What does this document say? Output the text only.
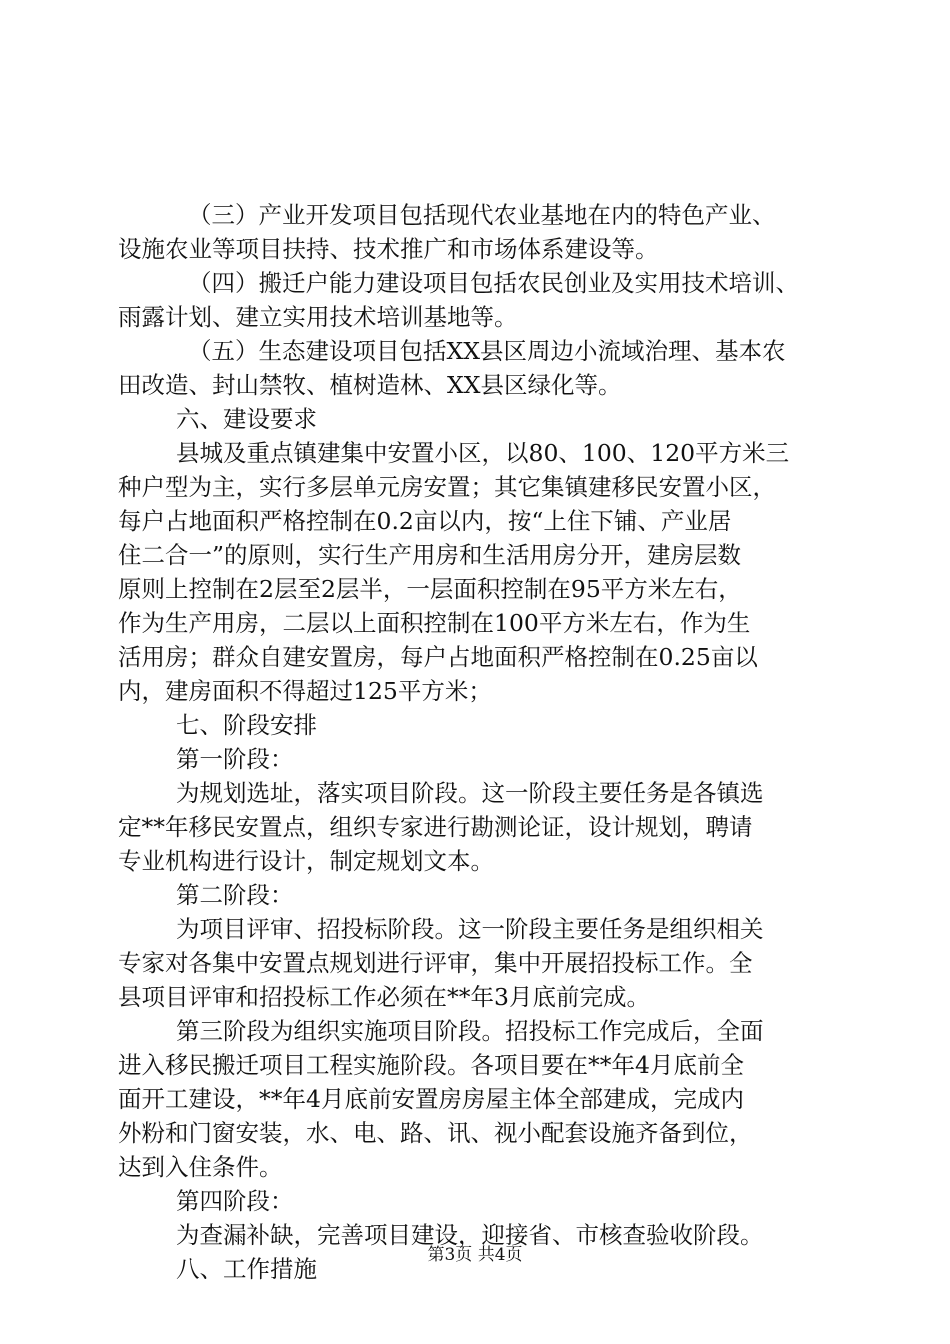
（三）产业开发项目包括现代农业基地在内的特色产业、
设施农业等项目扶持、技术推广和市场体系建设等。
（四）搬迁户能力建设项目包括农民创业及实用技术培训、
雨露计划、建立实用技术培训基地等。
（五）生态建设项目包括XX县区周边小流域治理、基本农
田改造、封山禁牧、植树造林、XX县区绿化等。
六、建设要求
县城及重点镇建集中安置小区，以80、100、120平方米三
种户型为主，实行多层单元房安置；其它集镇建移民安置小区，
每户占地面积严格控制在0.2亩以内，按“上住下铺、产业居
住二合一”的原则，实行生产用房和生活用房分开，建房层数
原则上控制在2层至2层半，一层面积控制在95平方米左右，
作为生产用房，二层以上面积控制在100平方米左右，作为生
活用房；群众自建安置房，每户占地面积严格控制在0.25亩以
内，建房面积不得超过125平方米；
七、阶段安排
第一阶段：
为规划选址，落实项目阶段。这一阶段主要任务是各镇选
定**年移民安置点，组织专家进行勘测论证，设计规划，聘请
专业机构进行设计，制定规划文本。
第二阶段：
为项目评审、招投标阶段。这一阶段主要任务是组织相关
专家对各集中安置点规划进行评审，集中开展招投标工作。全
县项目评审和招投标工作必须在**年3月底前完成。
第三阶段为组织实施项目阶段。招投标工作完成后，全面
进入移民搬迁项目工程实施阶段。各项目要在**年4月底前全
面开工建设，**年4月底前安置房房屋主体全部建成，完成内
外粉和门窗安装，水、电、路、讯、视小配套设施齐备到位，
达到入住条件。
第四阶段：
为查漏补缺，完善项目建设，迎接省、市核查验收阶段。
八、工作措施	第3页 共4页
